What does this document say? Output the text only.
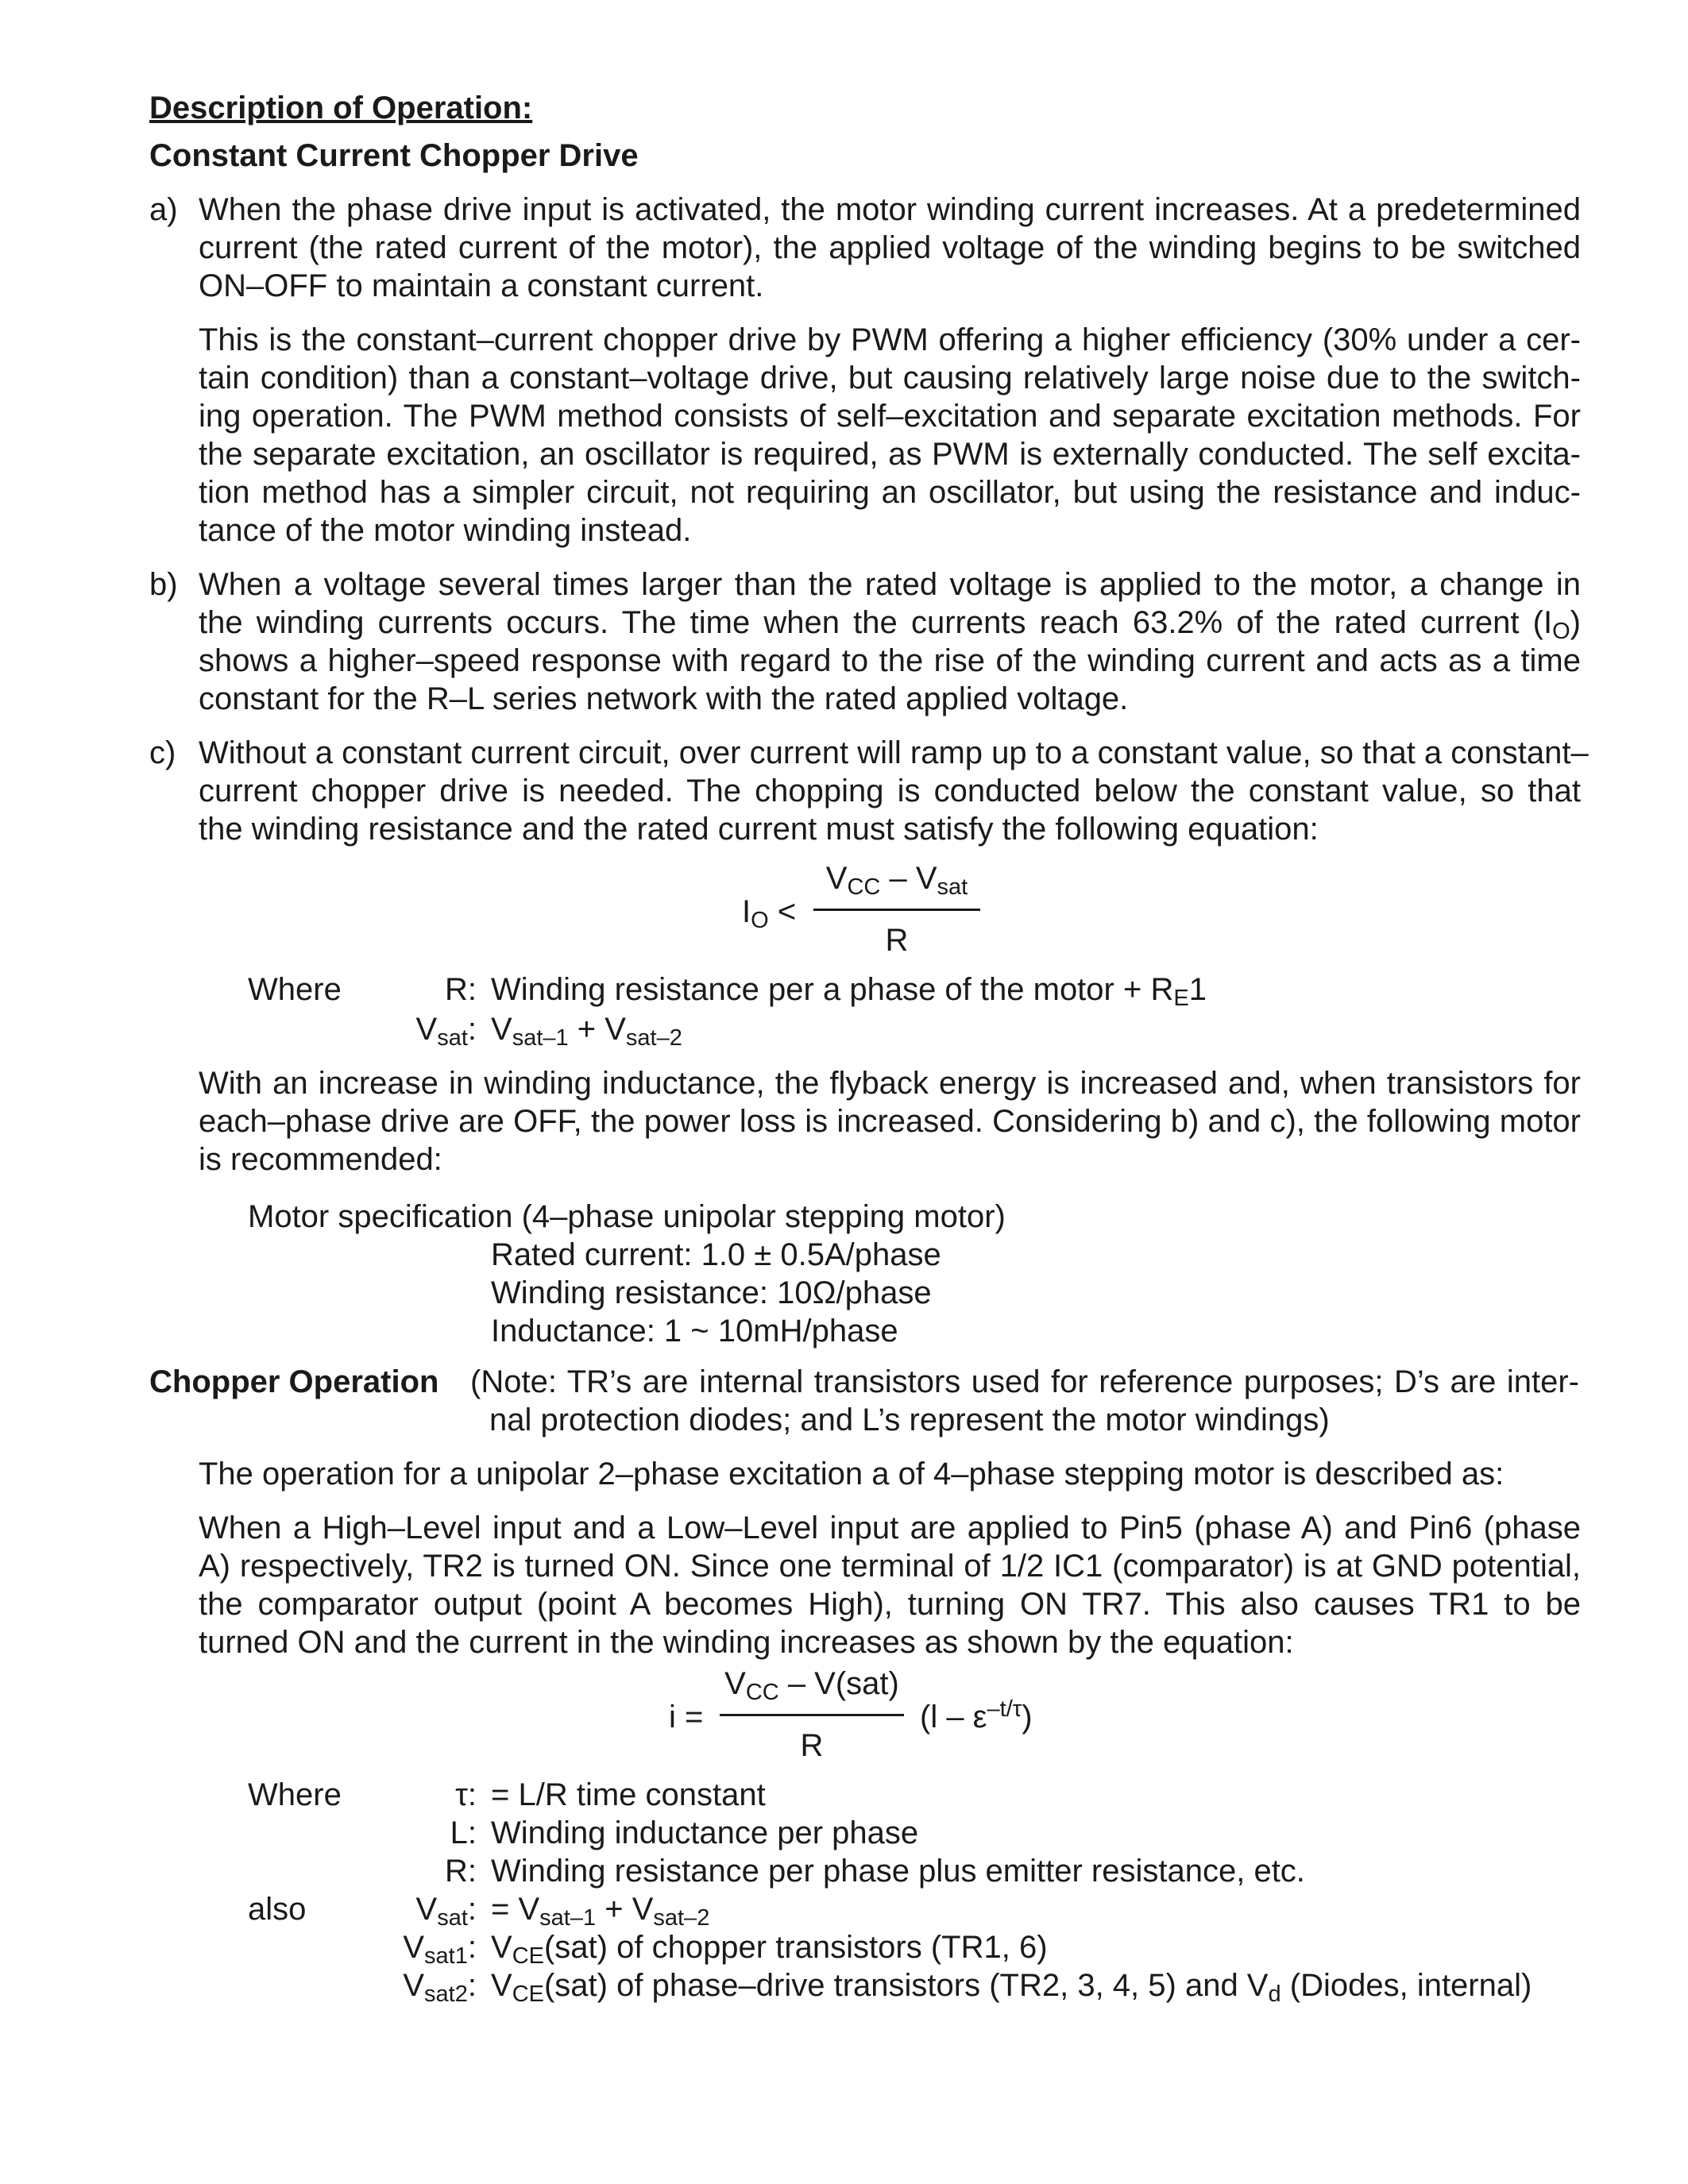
Description of Operation:
Constant Current Chopper Drive
a) When the phase drive input is activated, the motor winding current increases. At a predetermined
current (the rated current of the motor), the applied voltage of the winding begins to be switched
ON–OFF to maintain a constant current.
This is the constant–current chopper drive by PWM offering a higher efficiency (30% under a cer-
tain condition) than a constant–voltage drive, but causing relatively large noise due to the switch-
ing operation. The PWM method consists of self–excitation and separate excitation methods. For
the separate excitation, an oscillator is required, as PWM is externally conducted. The self excita-
tion method has a simpler circuit, not requiring an oscillator, but using the resistance and induc-
tance of the motor winding instead.
b) When a voltage several times larger than the rated voltage is applied to the motor, a change in
the winding currents occurs. The time when the currents reach 63.2% of the rated current $(I_O)$
shows a higher–speed response with regard to the rise of the winding current and acts as a time
constant for the R–L series network with the rated applied voltage.
c) Without a constant current circuit, over current will ramp up to a constant value, so that a constant–
current chopper drive is needed. The chopping is conducted below the constant value, so that
the winding resistance and the rated current must satisfy the following equation:
$I_O$ <
$V_{CC} - V_{sat}$
R
Where	R: Winding resistance per a phase of the motor + $R_E1$
$V_{sat}$: $V_{sat-1} + V_{sat-2}$
With an increase in winding inductance, the flyback energy is increased and, when transistors for
each–phase drive are OFF, the power loss is increased. Considering b) and c), the following motor
is recommended:
Motor specification (4–phase unipolar stepping motor)
Rated current: 1.0 ± 0.5A/phase
Winding resistance: 10Ω/phase
Inductance: 1 ~ 10mH/phase
Chopper Operation (Note: TR’s are internal transistors used for reference purposes; D’s are inter-
nal protection diodes; and L’s represent the motor windings)
The operation for a unipolar 2–phase excitation a of 4–phase stepping motor is described as:
When a High–Level input and a Low–Level input are applied to Pin5 (phase A) and Pin6 (phase
A) respectively, TR2 is turned ON. Since one terminal of 1/2 IC1 (comparator) is at GND potential,
the comparator output (point A becomes High), turning ON TR7. This also causes TR1 to be
turned ON and the current in the winding increases as shown by the equation:
i =
$V_{CC} - V(sat)$
R
$(l - \varepsilon^{-t/\tau})$
Where	τ: = L/R time constant
L: Winding inductance per phase
R: Winding resistance per phase plus emitter resistance, etc.
also	$V_{sat}$: = $V_{sat-1} + V_{sat-2}$
$V_{sat1}$: $V_{CE}(sat)$ of chopper transistors (TR1, 6)
$V_{sat2}$: $V_{CE}(sat)$ of phase–drive transistors (TR2, 3, 4, 5) and $V_d$ (Diodes, internal)
